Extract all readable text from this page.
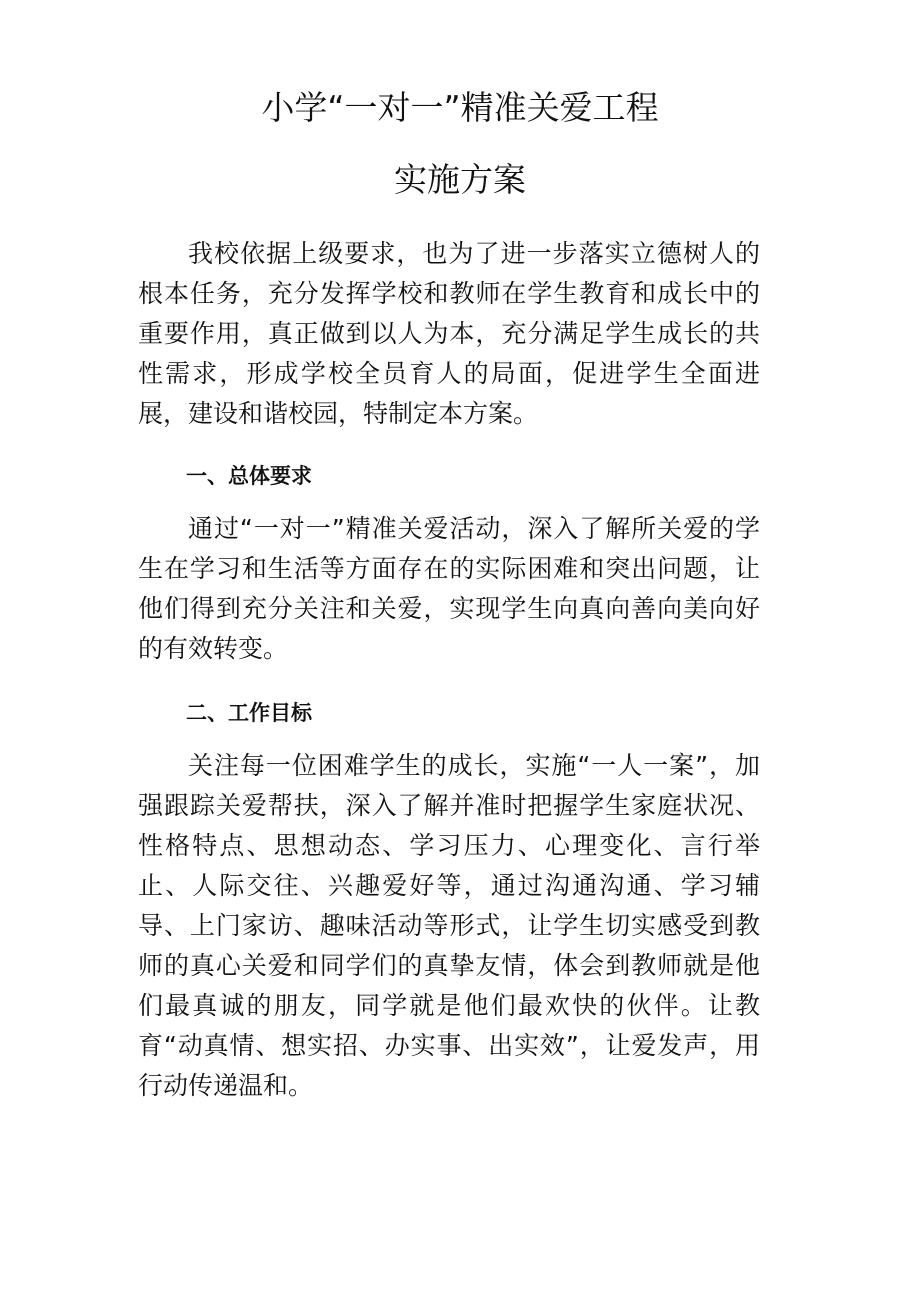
小学“一对一”精准关爱工程
实施方案

我校依据上级要求，也为了进一步落实立德树人的根本任务，充分发挥学校和教师在学生教育和成长中的重要作用，真正做到以人为本，充分满足学生成长的共性需求，形成学校全员育人的局面，促进学生全面进展，建设和谐校园，特制定本方案。

一、总体要求

通过“一对一”精准关爱活动，深入了解所关爱的学生在学习和生活等方面存在的实际困难和突出问题，让他们得到充分关注和关爱，实现学生向真向善向美向好的有效转变。

二、工作目标

关注每一位困难学生的成长，实施“一人一案”，加强跟踪关爱帮扶，深入了解并准时把握学生家庭状况、性格特点、思想动态、学习压力、心理变化、言行举止、人际交往、兴趣爱好等，通过沟通沟通、学习辅导、上门家访、趣味活动等形式，让学生切实感受到教师的真心关爱和同学们的真挚友情，体会到教师就是他们最真诚的朋友，同学就是他们最欢快的伙伴。让教育“动真情、想实招、办实事、出实效”，让爱发声，用行动传递温和。
